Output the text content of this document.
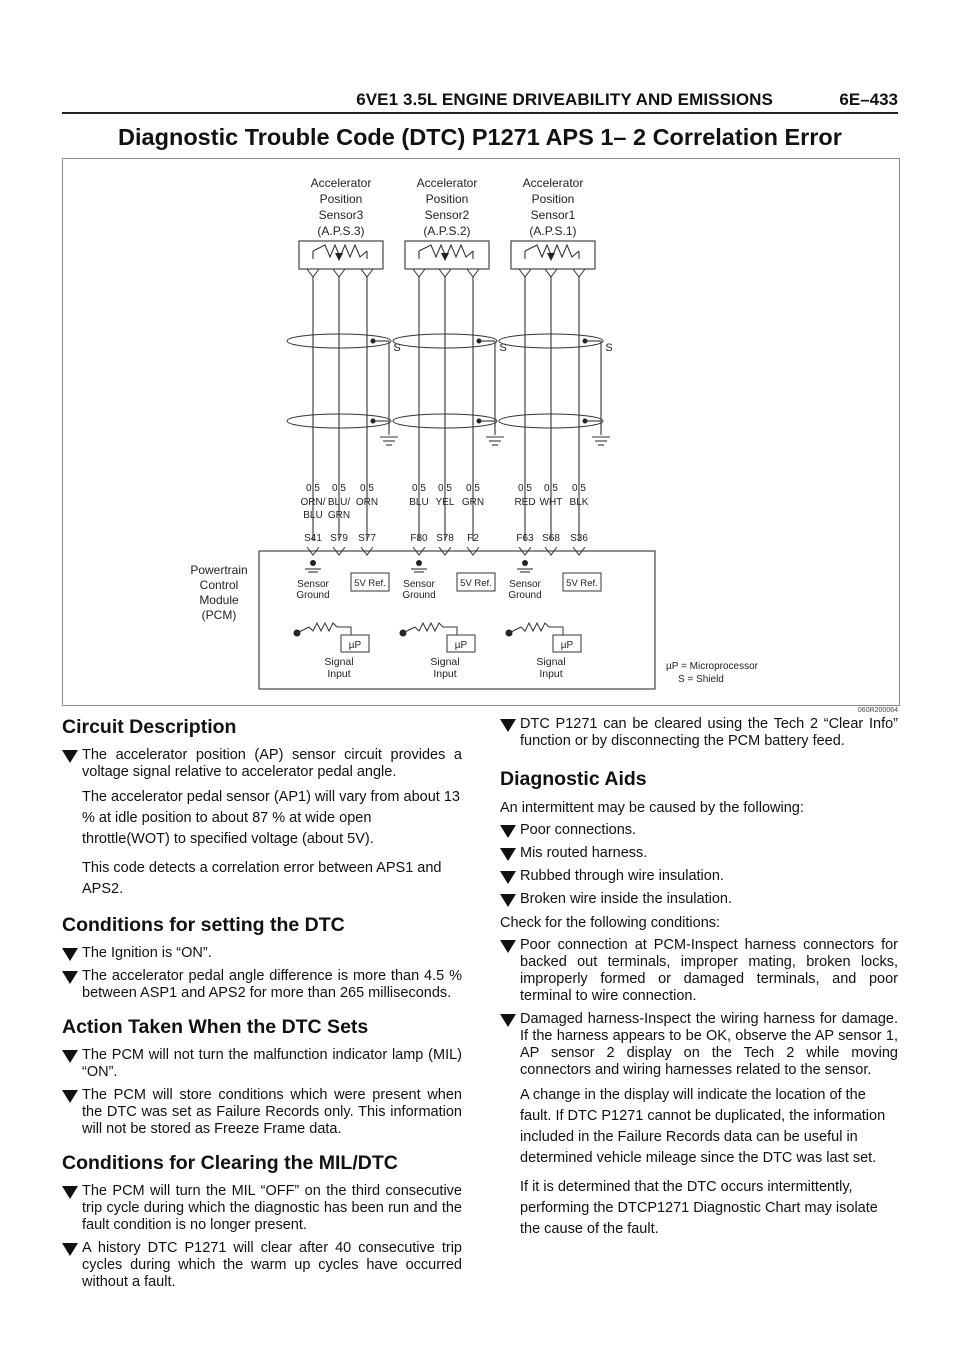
6VE1 3.5L ENGINE DRIVEABILITY AND EMISSIONS	6E–433
Diagnostic Trouble Code (DTC) P1271 APS 1– 2 Correlation Error
Powertrain
Control
Module
(PCM)
Accelerator
Position
Sensor3
(A.P.S.3)
S
0.5
ORN/
BLU
S41
0.5
BLU/
GRN
S79
0.5
ORN
S77
Sensor
Ground
5V Ref.
µP
Signal
Input
Accelerator
Position
Sensor2
(A.P.S.2)
S
0.5
BLU
F80
0.5
YEL
S78
0.5
GRN
F2
Sensor
Ground
5V Ref.
µP
Signal
Input
Accelerator
Position
Sensor1
(A.P.S.1)
S
0.5
RED
F63
0.5
WHT
S68
0.5
BLK
S36
Sensor
Ground
5V Ref.
µP
Signal
Input
µP = Microprocessor
S = Shield
060R200064
Circuit Description
The accelerator position (AP) sensor circuit provides a voltage signal relative to accelerator pedal angle.
The accelerator pedal sensor (AP1) will vary from about 13 % at idle position to about 87 % at wide open throttle(WOT) to specified voltage (about 5V).
This code detects a correlation error between APS1 and APS2.
Conditions for setting the DTC
The Ignition is “ON”.
The accelerator pedal angle difference is more than 4.5 % between ASP1 and APS2 for more than 265 milliseconds.
Action Taken When the DTC Sets
The PCM will not turn the malfunction indicator lamp (MIL) “ON”.
The PCM will store conditions which were present when the DTC was set as Failure Records only. This information will not be stored as Freeze Frame data.
Conditions for Clearing the MIL/DTC
The PCM will turn the MIL “OFF” on the third consecutive trip cycle during which the diagnostic has been run and the fault condition is no longer present.
A history DTC P1271 will clear after 40 consecutive trip cycles during which the warm up cycles have occurred without a fault.
DTC P1271 can be cleared using the Tech 2 “Clear Info” function or by disconnecting the PCM battery feed.
Diagnostic Aids
An intermittent may be caused by the following:
Poor connections.
Mis routed harness.
Rubbed through wire insulation.
Broken wire inside the insulation.
Check for the following conditions:
Poor connection at PCM-Inspect harness connectors for backed out terminals, improper mating, broken locks, improperly formed or damaged terminals, and poor terminal to wire connection.
Damaged harness-Inspect the wiring harness for damage. If the harness appears to be OK, observe the AP sensor 1, AP sensor 2 display on the Tech 2 while moving connectors and wiring harnesses related to the sensor.
A change in the display will indicate the location of the fault. If DTC P1271 cannot be duplicated, the information included in the Failure Records data can be useful in determined vehicle mileage since the DTC was last set.
If it is determined that the DTC occurs intermittently, performing the DTCP1271 Diagnostic Chart may isolate the cause of the fault.
